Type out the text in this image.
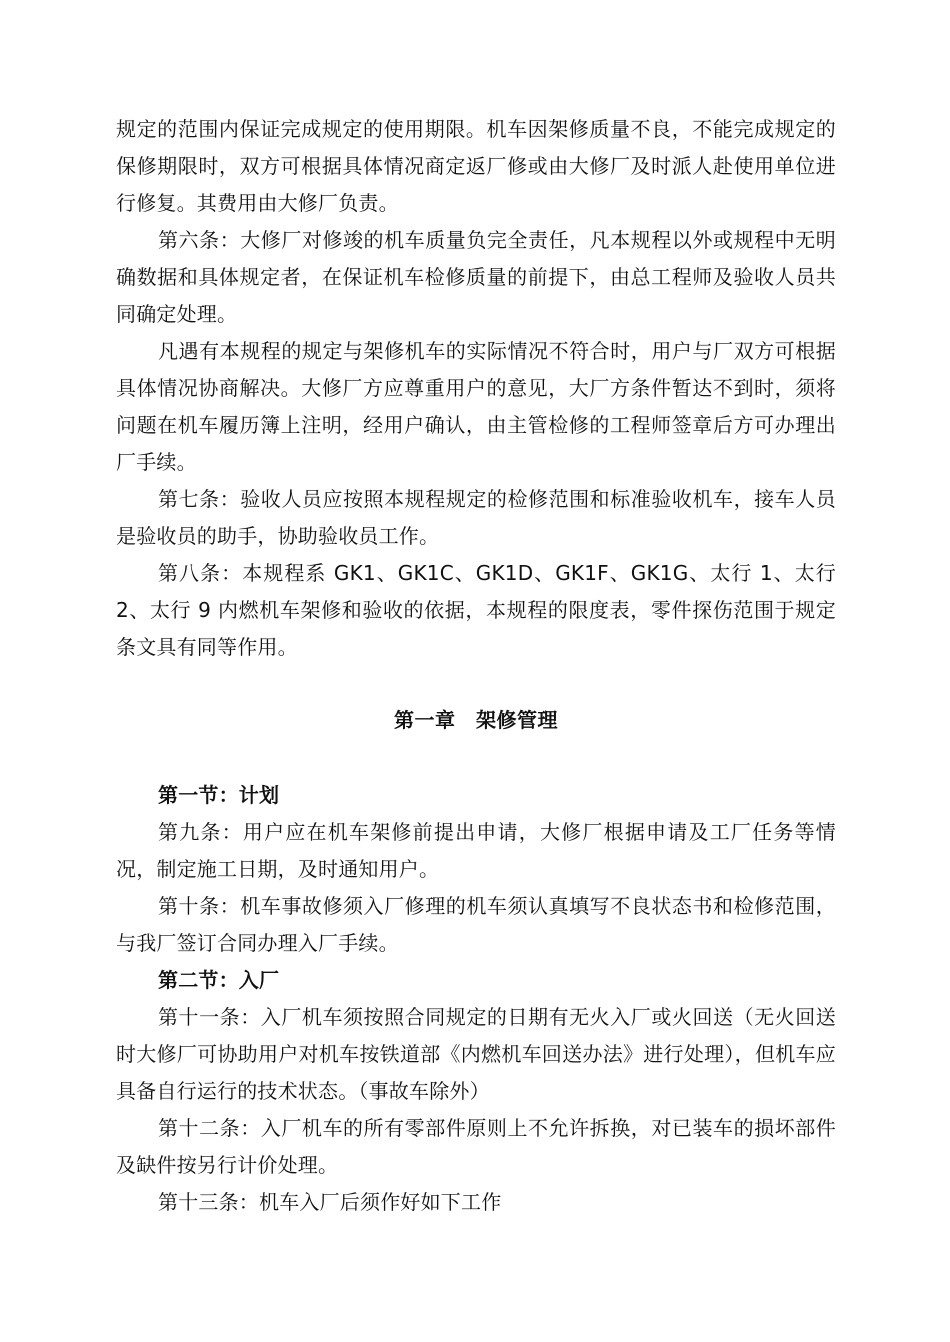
规定的范围内保证完成规定的使用期限。机车因架修质量不良，不能完成规定的保修期限时，双方可根据具体情况商定返厂修或由大修厂及时派人赴使用单位进行修复。其费用由大修厂负责。

第六条：大修厂对修竣的机车质量负完全责任，凡本规程以外或规程中无明确数据和具体规定者，在保证机车检修质量的前提下，由总工程师及验收人员共同确定处理。

凡遇有本规程的规定与架修机车的实际情况不符合时，用户与厂双方可根据具体情况协商解决。大修厂方应尊重用户的意见，大厂方条件暂达不到时，须将问题在机车履历簿上注明，经用户确认，由主管检修的工程师签章后方可办理出厂手续。

第七条：验收人员应按照本规程规定的检修范围和标准验收机车，接车人员是验收员的助手，协助验收员工作。

第八条：本规程系 GK1、GK1C、GK1D、GK1F、GK1G、太行 1、太行 2、太行 9 内燃机车架修和验收的依据，本规程的限度表，零件探伤范围于规定条文具有同等作用。

第一章　架修管理

第一节：计划

第九条：用户应在机车架修前提出申请，大修厂根据申请及工厂任务等情况，制定施工日期，及时通知用户。

第十条：机车事故修须入厂修理的机车须认真填写不良状态书和检修范围，与我厂签订合同办理入厂手续。

第二节：入厂

第十一条：入厂机车须按照合同规定的日期有无火入厂或火回送（无火回送时大修厂可协助用户对机车按铁道部《内燃机车回送办法》进行处理），但机车应具备自行运行的技术状态。（事故车除外）

第十二条：入厂机车的所有零部件原则上不允许拆换，对已装车的损坏部件及缺件按另行计价处理。

第十三条：机车入厂后须作好如下工作
